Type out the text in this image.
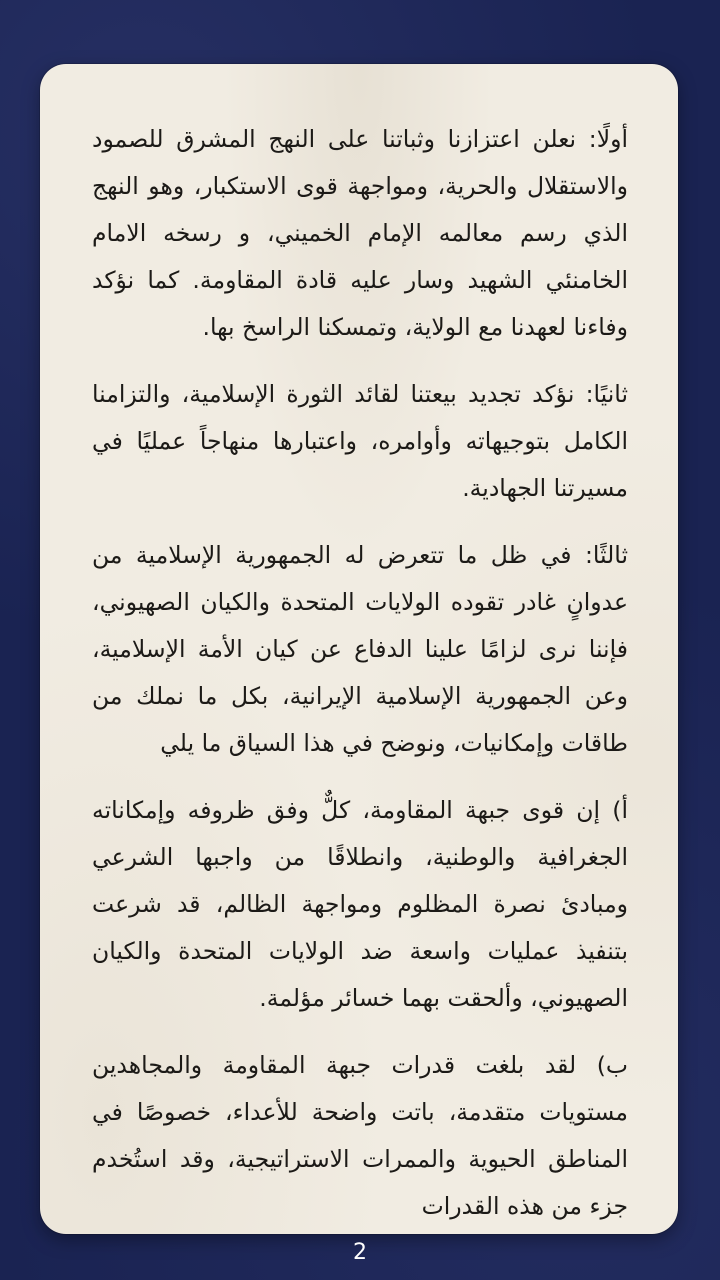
أولًا: نعلن اعتزازنا وثباتنا على النهج المشرق للصمود والاستقلال والحرية، ومواجهة قوى الاستكبار، وهو النهج الذي رسم معالمه الإمام الخميني، و رسخه الامام الخامنئي الشهيد وسار عليه قادة المقاومة. كما نؤكد وفاءنا لعهدنا مع الولاية، وتمسكنا الراسخ بها.

ثانيًا: نؤكد تجديد بيعتنا لقائد الثورة الإسلامية، والتزامنا الكامل بتوجيهاته وأوامره، واعتبارها منهاجاً عمليًا في مسيرتنا الجهادية.

ثالثًا: في ظل ما تتعرض له الجمهورية الإسلامية من عدوانٍ غادر تقوده الولايات المتحدة والكيان الصهيوني، فإننا نرى لزامًا علينا الدفاع عن كيان الأمة الإسلامية، وعن الجمهورية الإسلامية الإيرانية، بكل ما نملك من طاقات وإمكانيات، ونوضح في هذا السياق ما يلي

أ) إن قوى جبهة المقاومة، كلٌّ وفق ظروفه وإمكاناته الجغرافية والوطنية، وانطلاقًا من واجبها الشرعي ومبادئ نصرة المظلوم ومواجهة الظالم، قد شرعت بتنفيذ عمليات واسعة ضد الولايات المتحدة والكيان الصهيوني، وألحقت بهما خسائر مؤلمة.

ب) لقد بلغت قدرات جبهة المقاومة والمجاهدين مستويات متقدمة، باتت واضحة للأعداء، خصوصًا في المناطق الحيوية والممرات الاستراتيجية، وقد استُخدم جزء من هذه القدرات

2
